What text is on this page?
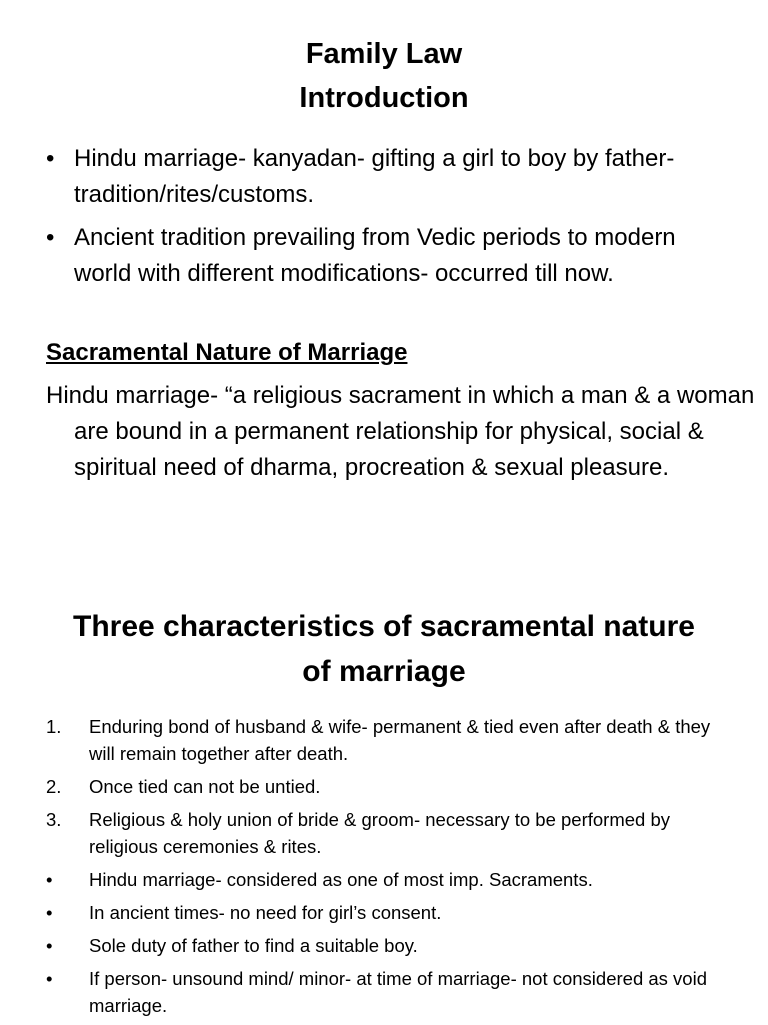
Family Law
Introduction
• Hindu marriage- kanyadan- gifting a girl to boy by father- tradition/rites/customs.
• Ancient tradition prevailing from Vedic periods to modern world with different modifications- occurred till now.
Sacramental Nature of Marriage

Hindu marriage- “a religious sacrament in which a man & a woman are bound in a permanent relationship for physical, social & spiritual need of dharma, procreation & sexual pleasure.

Three characteristics of sacramental nature
of marriage
1. Enduring bond of husband & wife- permanent & tied even after death & they will remain together after death.
2. Once tied can not be untied.
3. Religious & holy union of bride & groom- necessary to be performed by religious ceremonies & rites.
• Hindu marriage- considered as one of most imp. Sacraments.
• In ancient times- no need for girl’s consent.
• Sole duty of father to find a suitable boy.
• If person- unsound mind/ minor- at time of marriage- not considered as void marriage.
